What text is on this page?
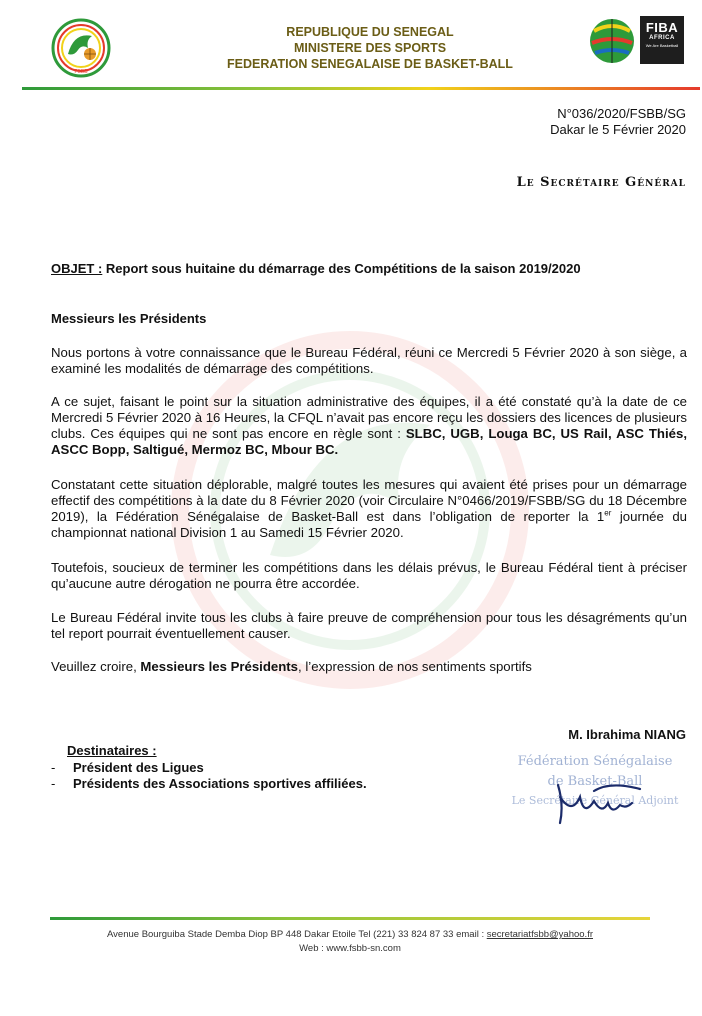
FSBB
REPUBLIQUE DU SENEGAL
MINISTERE DES SPORTS
FEDERATION SENEGALAISE DE BASKET-BALL
FIBA
AFRICA
We Are Basketball
N°036/2020/FSBB/SG
Dakar le 5 Février 2020
Le Secrétaire Général
OBJET : Report sous huitaine du démarrage des Compétitions de la saison 2019/2020
Messieurs les Présidents
Nous portons à votre connaissance que le Bureau Fédéral, réuni ce Mercredi 5 Février 2020 à son siège, a examiné les modalités de démarrage des compétitions.
A ce sujet, faisant le point sur la situation administrative des équipes, il a été constaté qu’à la date de ce Mercredi 5 Février 2020 à 16 Heures, la CFQL n’avait pas encore reçu les dossiers des licences de plusieurs clubs. Ces équipes qui ne sont pas encore en règle sont : SLBC, UGB, Louga BC, US Rail, ASC Thiés, ASCC Bopp, Saltigué, Mermoz BC, Mbour BC.
Constatant cette situation déplorable, malgré toutes les mesures qui avaient été prises pour un démarrage effectif des compétitions à la date du 8 Février 2020 (voir Circulaire N°0466/2019/FSBB/SG du 18 Décembre 2019), la Fédération Sénégalaise de Basket-Ball est dans l’obligation de reporter la 1er journée du championnat national Division 1 au Samedi 15 Février 2020.
Toutefois, soucieux de terminer les compétitions dans les délais prévus, le Bureau Fédéral tient à préciser qu’aucune autre dérogation ne pourra être accordée.
Le Bureau Fédéral invite tous les clubs à faire preuve de compréhension pour tous les désagréments qu’un tel report pourrait éventuellement causer.
Veuillez croire, Messieurs les Présidents, l’expression de nos sentiments sportifs
M. Ibrahima NIANG
Fédération Sénégalaise
de Basket-Ball
Le Secrétaire Général Adjoint
Destinataires :
-	Président des Ligues
-	Présidents des Associations sportives affiliées.
Avenue Bourguiba Stade Demba Diop BP 448 Dakar Etoile Tel (221) 33 824 87 33 email : secretariatfsbb@yahoo.fr
Web : www.fsbb-sn.com
